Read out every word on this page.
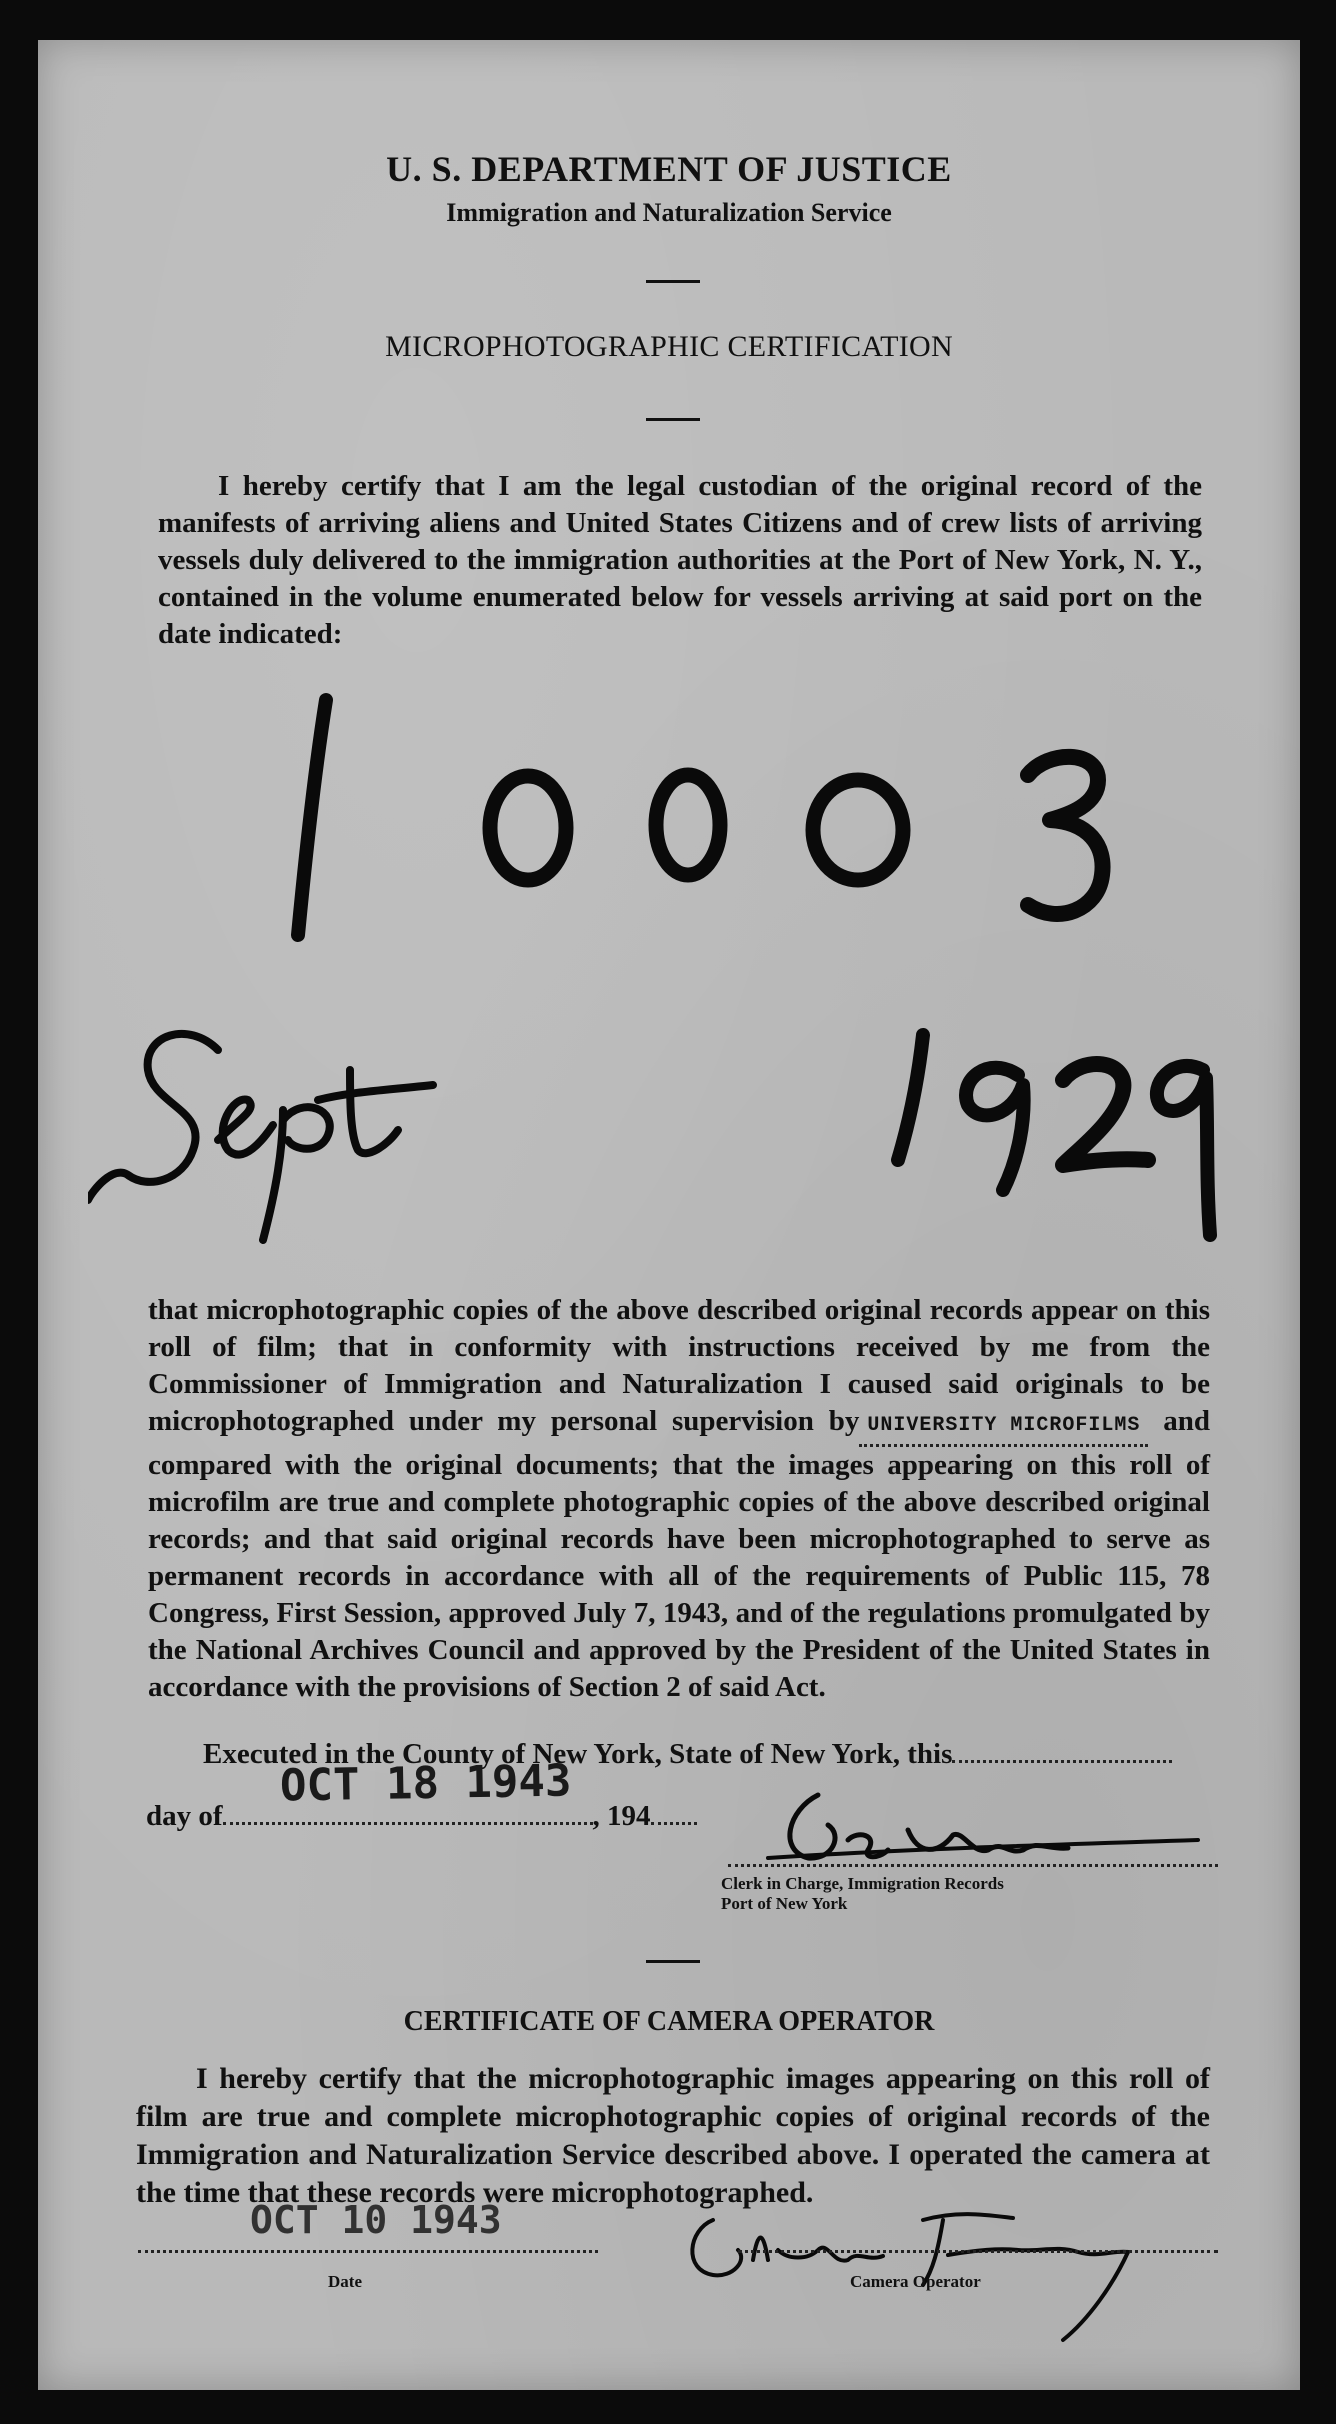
U. S. DEPARTMENT OF JUSTICE
Immigration and Naturalization Service
MICROPHOTOGRAPHIC CERTIFICATION

I hereby certify that I am the legal custodian of the original record of the manifests of arriving aliens and United States Citizens and of crew lists of arriving vessels duly delivered to the immigration authorities at the Port of New York, N. Y., contained in the volume enumerated below for vessels arriving at said port on the date indicated:

that microphotographic copies of the above described original records appear on this roll of film; that in conformity with instructions received by me from the Commissioner of Immigration and Naturalization I caused said originals to be microphotographed under my personal supervision by UNIVERSITY MICROFILMS and compared with the original documents; that the images appearing on this roll of microfilm are true and complete photographic copies of the above described original records; and that said original records have been microphotographed to serve as permanent records in accordance with all of the requirements of Public 115, 78 Congress, First Session, approved July 7, 1943, and of the regulations promulgated by the National Archives Council and approved by the President of the United States in accordance with the provisions of Section 2 of said Act.

Executed in the County of New York, State of New York, this
OCT 18 1943
day of	, 194
Clerk in Charge, Immigration Records
Port of New York
CERTIFICATE OF CAMERA OPERATOR

I hereby certify that the microphotographic images appearing on this roll of film are true and complete microphotographic copies of original records of the Immigration and Naturalization Service described above. I operated the camera at the time that these records were microphotographed.

OCT 10 1943
Date	Camera Operator
